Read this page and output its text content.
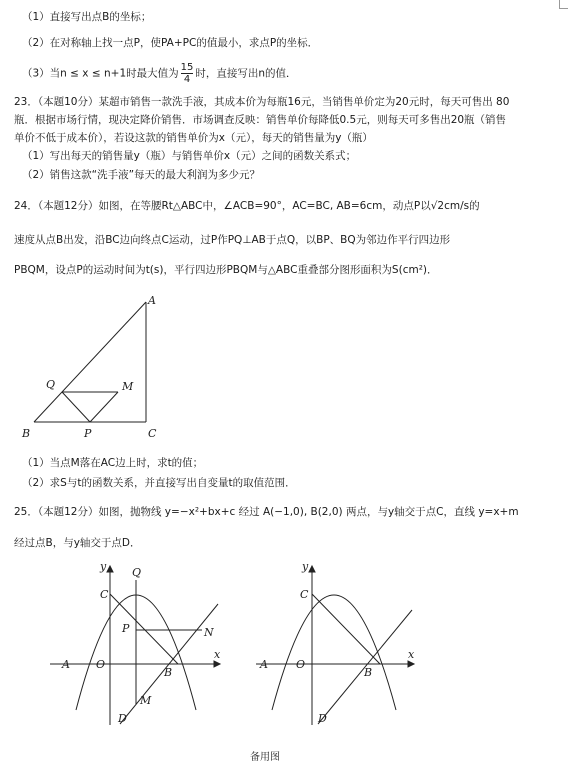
（1）直接写出点B的坐标；
（2）在对称轴上找一点P，使PA+PC的值最小，求点P的坐标．
（3）当n ≤ x ≤ n+1时最大值为 $\frac{15}{4}$ 时，直接写出n的值．
23．（本题10分）某超市销售一款洗手液，其成本价为每瓶16元，当销售单价定为20元时，每天可售出 80
瓶．根据市场行情，现决定降价销售．市场调查反映：销售单价每降低0.5元，则每天可多售出20瓶（销售
单价不低于成本价），若设这款的销售单价为x（元），每天的销售量为y（瓶）
（1）写出每天的销售量y（瓶）与销售单价x（元）之间的函数关系式；
（2）销售这款“洗手液”每天的最大利润为多少元？
24．（本题12分）如图，在等腰Rt△ABC中，∠ACB=90°，AC=BC, AB=6cm，动点P以√2cm/s的
速度从点B出发，沿BC边向终点C运动，过P作PQ⊥AB于点Q，以BP、BQ为邻边作平行四边形
PBQM，设点P的运动时间为t(s)，平行四边形PBQM与△ABC重叠部分图形面积为S(cm²)．
A
B	C
Q	M
P
（1）当点M落在AC边上时，求t的值；
（2）求S与t的函数关系，并直接写出自变量t的取值范围．
25．（本题12分）如图，抛物线 y=−x²+bx+c 经过 A(−1,0), B(2,0) 两点，与y轴交于点C，直线 y=x+m
经过点B，与y轴交于点D．
y
x
Q
C
P	N
A O
B
M
D
y
x
C
A	O
B
D
备用图
